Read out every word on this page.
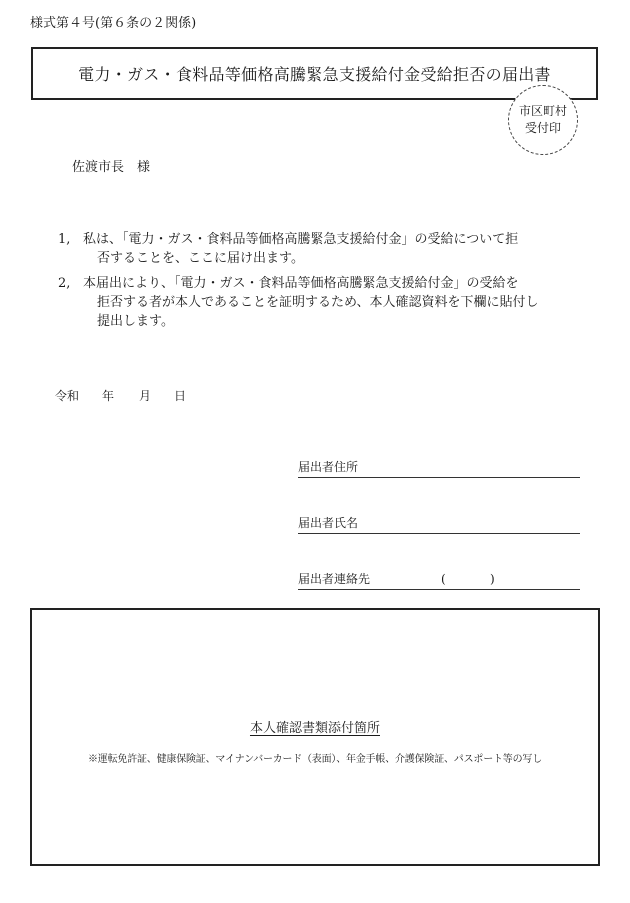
様式第４号(第６条の２関係)
電力・ガス・食料品等価格高騰緊急支援給付金受給拒否の届出書
市区町村
受付印
佐渡市長　様
1, 私は、「電力・ガス・食料品等価格高騰緊急支援給付金」の受給について拒
否することを、ここに届け出ます。
2, 本届出により、「電力・ガス・食料品等価格高騰緊急支援給付金」の受給を
拒否する者が本人であることを証明するため、本人確認資料を下欄に貼付し
提出します。
令和	年	月	日
届出者住所
届出者氏名
届出者連絡先	(	)
本人確認書類添付箇所
※運転免許証、健康保険証、マイナンバーカード（表面）、年金手帳、介護保険証、パスポート等の写し
